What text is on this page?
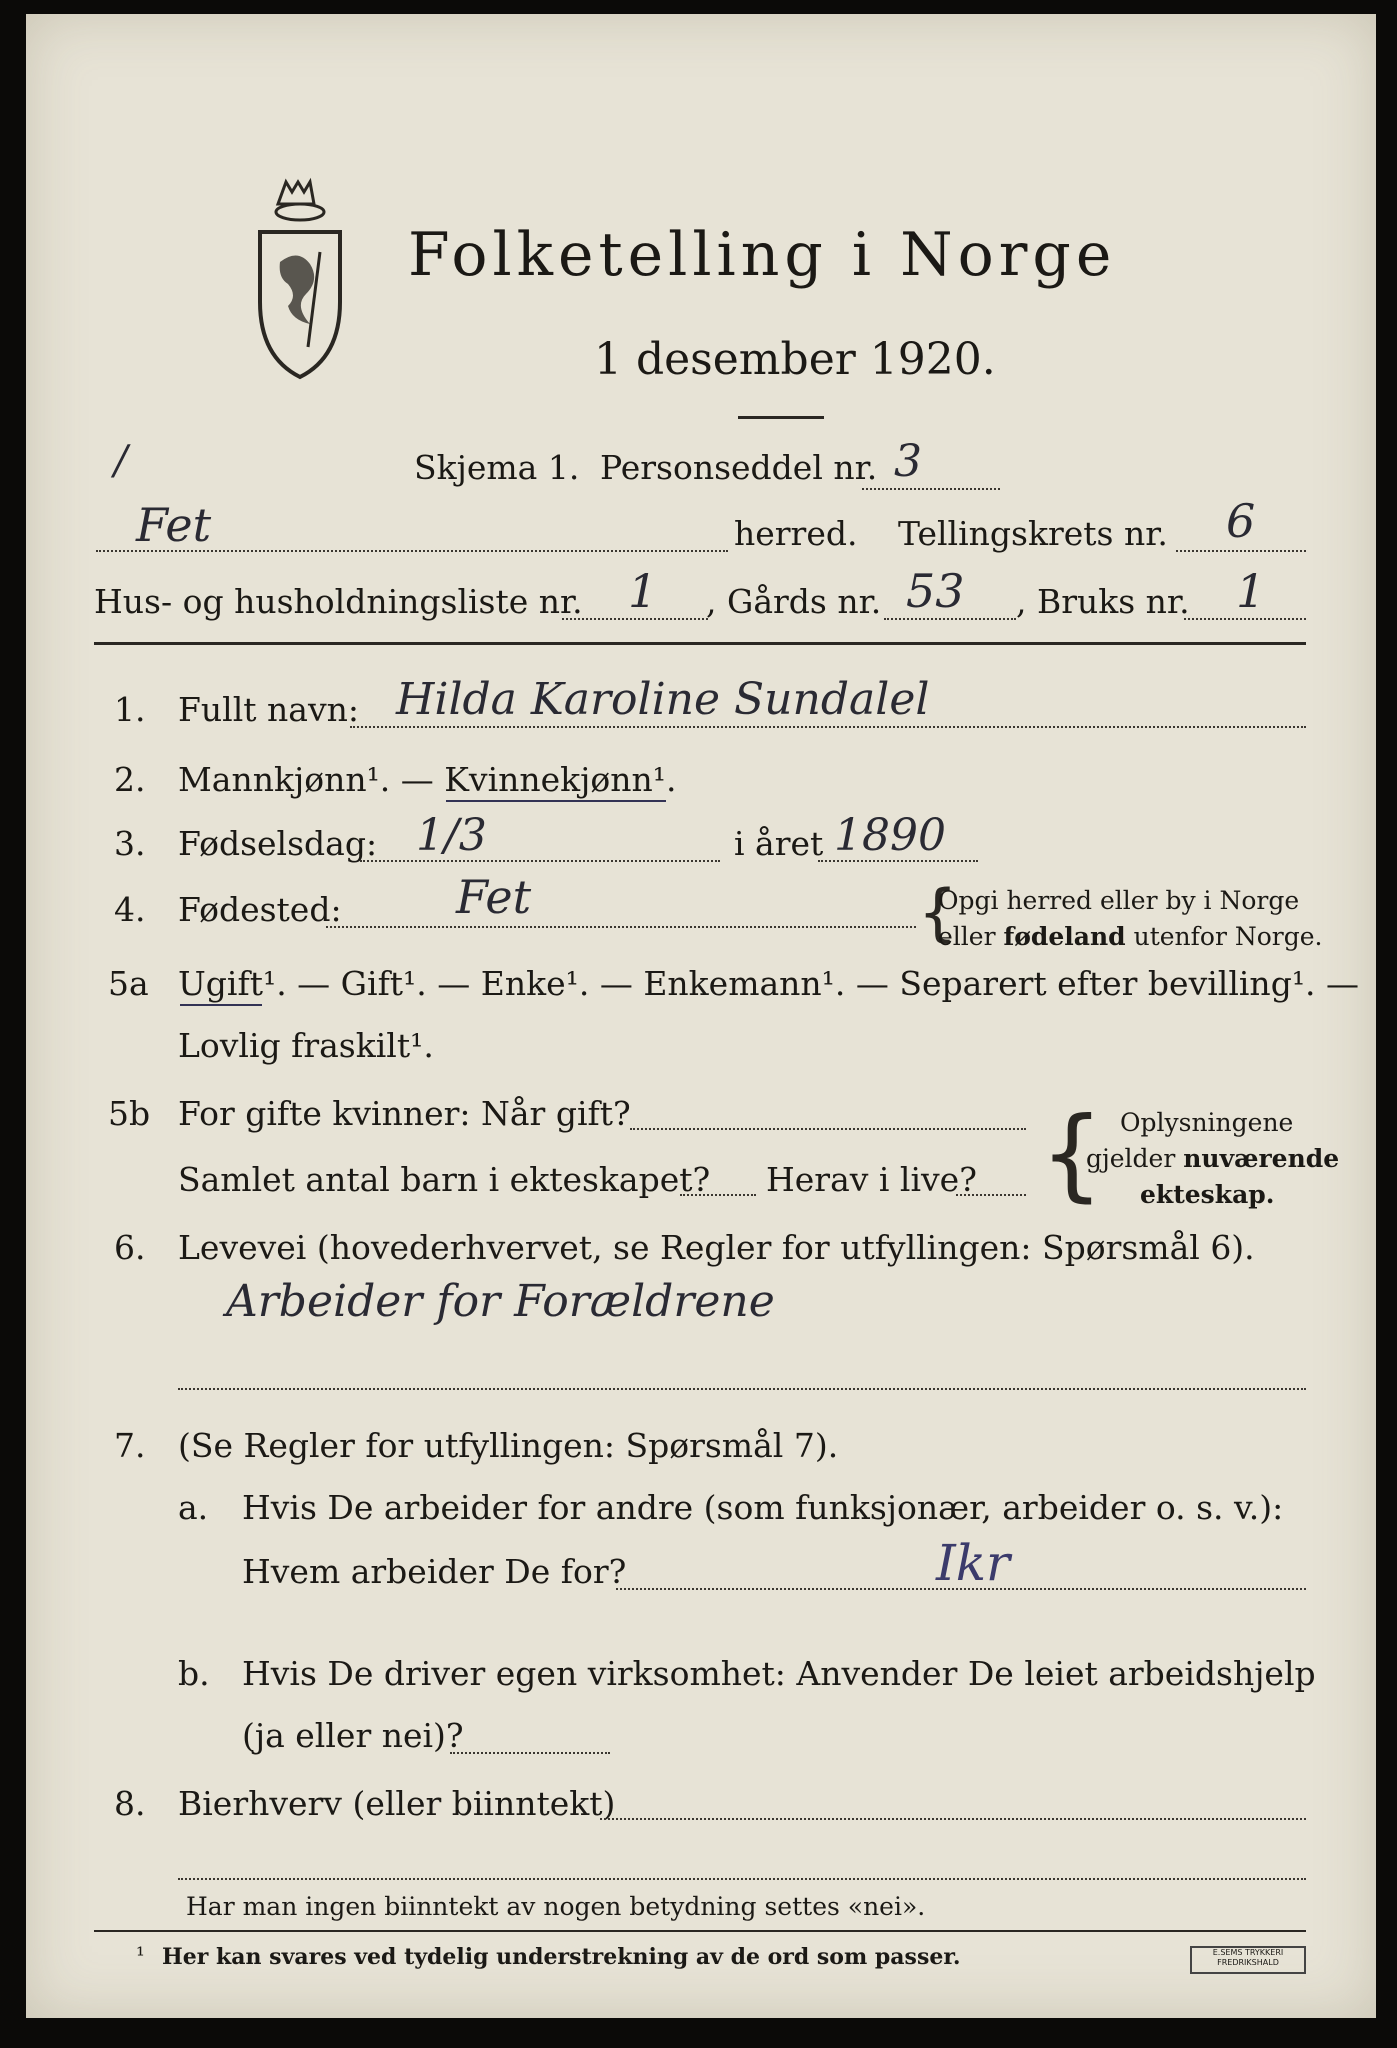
Folketelling i Norge
1 desember 1920.
/	Skjema 1. Personseddel nr. 3
Fet	herred. Tellingskrets nr. 6
Hus- og husholdningsliste nr. 1 , Gårds nr. 53 , Bruks nr. 1
1. Fullt navn: Hilda Karoline Sundalel
2. Mannkjønn¹. — Kvinnekjønn¹.
3. Fødselsdag: 1/3	i året 1890
4. Fødested: Fet	{
Opgi herred eller by i Norge
eller fødeland utenfor Norge.
5a Ugift¹. — Gift¹. — Enke¹. — Enkemann¹. — Separert efter bevilling¹. —
Lovlig fraskilt¹.
5b For gifte kvinner: Når gift?
Samlet antal barn i ekteskapet? Herav i live? { Oplysningene
gjelder nuværende
ekteskap.
6. Levevei (hovederhvervet, se Regler for utfyllingen: Spørsmål 6).
Arbeider for Forældrene
7. (Se Regler for utfyllingen: Spørsmål 7).
a. Hvis De arbeider for andre (som funksjonær, arbeider o. s. v.):
Hvem arbeider De for?	Ikr
b. Hvis De driver egen virksomhet: Anvender De leiet arbeidshjelp
(ja eller nei)?
8. Bierhverv (eller biinntekt)
Har man ingen biinntekt av nogen betydning settes «nei».
¹ Her kan svares ved tydelig understrekning av de ord som passer.	E.SEMS TRYKKERI
FREDRIKSHALD
